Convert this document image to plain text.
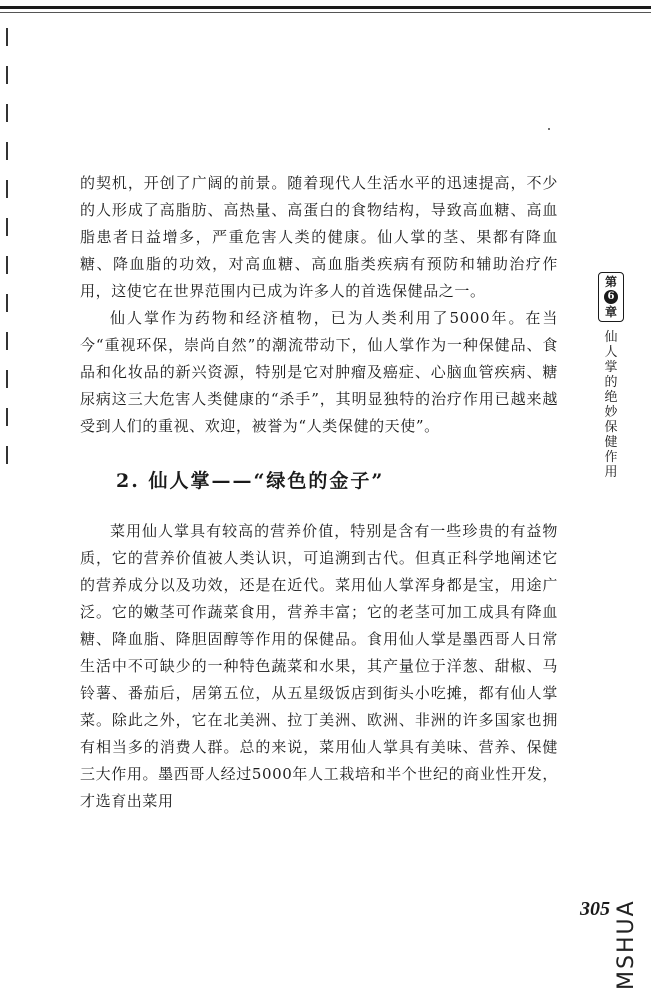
的契机，开创了广阔的前景。随着现代人生活水平的迅速提高，不少的人形成了高脂肪、高热量、高蛋白的食物结构，导致高血糖、高血脂患者日益增多，严重危害人类的健康。仙人掌的茎、果都有降血糖、降血脂的功效，对高血糖、高血脂类疾病有预防和辅助治疗作用，这使它在世界范围内已成为许多人的首选保健品之一。

仙人掌作为药物和经济植物，已为人类利用了5000年。在当今“重视环保，崇尚自然”的潮流带动下，仙人掌作为一种保健品、食品和化妆品的新兴资源，特别是它对肿瘤及癌症、心脑血管疾病、糖尿病这三大危害人类健康的“杀手”，其明显独特的治疗作用已越来越受到人们的重视、欢迎，被誉为“人类保健的天使”。

2. 仙人掌——“绿色的金子”

菜用仙人掌具有较高的营养价值，特别是含有一些珍贵的有益物质，它的营养价值被人类认识，可追溯到古代。但真正科学地阐述它的营养成分以及功效，还是在近代。菜用仙人掌浑身都是宝，用途广泛。它的嫩茎可作蔬菜食用，营养丰富；它的老茎可加工成具有降血糖、降血脂、降胆固醇等作用的保健品。食用仙人掌是墨西哥人日常生活中不可缺少的一种特色蔬菜和水果，其产量位于洋葱、甜椒、马铃薯、番茄后，居第五位，从五星级饭店到街头小吃摊，都有仙人掌菜。除此之外，它在北美洲、拉丁美洲、欧洲、非洲的许多国家也拥有相当多的消费人群。总的来说，菜用仙人掌具有美味、营养、保健三大作用。墨西哥人经过5000年人工栽培和半个世纪的商业性开发，才选育出菜用

第
6
章
仙
人
掌
的
绝
妙
保
健
作
用
305 MSHUA
